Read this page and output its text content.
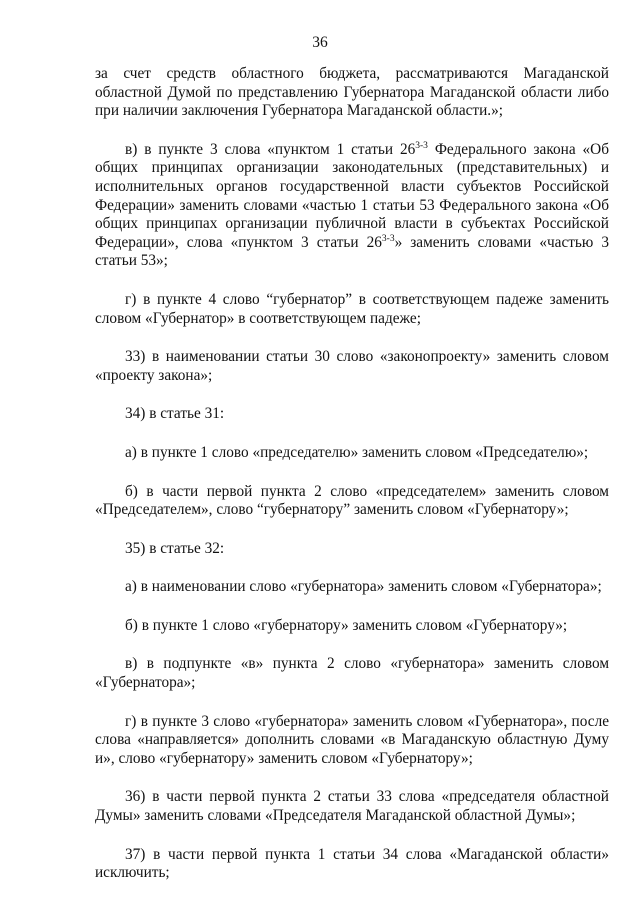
36

за счет средств областного бюджета, рассматриваются Магаданской областной Думой по представлению Губернатора Магаданской области либо при наличии заключения Губернатора Магаданской области.»;

в) в пункте 3 слова «пунктом 1 статьи 26$^{3-3}$ Федерального закона «Об общих принципах организации законодательных (представительных) и исполнительных органов государственной власти субъектов Российской Федерации» заменить словами «частью 1 статьи 53 Федерального закона «Об общих принципах организации публичной власти в субъектах Российской Федерации», слова «пунктом 3 статьи 26$^{3-3}$» заменить словами «частью 3 статьи 53»;

г) в пункте 4 слово “губернатор” в соответствующем падеже заменить словом «Губернатор» в соответствующем падеже;

33) в наименовании статьи 30 слово «законопроекту» заменить словом «проекту закона»;

34) в статье 31:

а) в пункте 1 слово «председателю» заменить словом «Председателю»;

б) в части первой пункта 2 слово «председателем» заменить словом «Председателем», слово “губернатору” заменить словом «Губернатору»;

35) в статье 32:

а) в наименовании слово «губернатора» заменить словом «Губернатора»;

б) в пункте 1 слово «губернатору» заменить словом «Губернатору»;

в) в подпункте «в» пункта 2 слово «губернатора» заменить словом «Губернатора»;

г) в пункте 3 слово «губернатора» заменить словом «Губернатора», после слова «направляется» дополнить словами «в Магаданскую областную Думу и», слово «губернатору» заменить словом «Губернатору»;

36) в части первой пункта 2 статьи 33 слова «председателя областной Думы» заменить словами «Председателя Магаданской областной Думы»;

37) в части первой пункта 1 статьи 34 слова «Магаданской области» исключить;
